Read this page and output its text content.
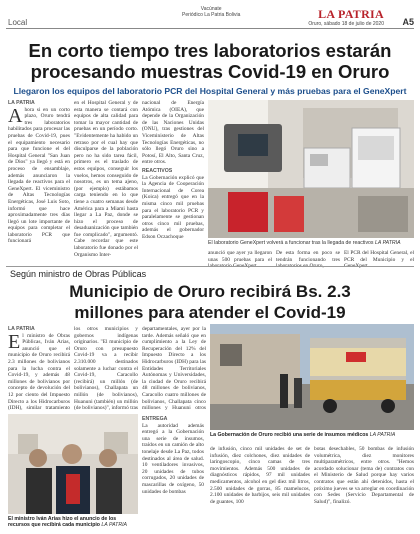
Local
Vacúnate
Periódico La Patria Bolivia	LA PATRIA
Oruro, sábado 18 de julio de 2020 A5
En corto tiempo tres laboratorios estarán
procesando muestras Covid-19 en Oruro
Llegaron los equipos del laboratorio PCR del Hospital General y más pruebas para el GeneXpert
LA PATRIA
A hora si en un corto plazo, Oruro tendrá tres laboratorios habilitados para procesar las pruebas de Covid-19, pues el equipamiento necesario para que funcione el del Hospital General "San Juan de Dios" ya llegó y está en proceso de ensamblaje, además anunciaron la llegada de reactivos para el GeneXpert. El viceministro de Altas Tecnologías Energéticas, José Luis Soto, informó que hace aproximadamente tres días llegó un lote importante de equipos para completar el laboratorio PCR que funcionará
en el Hospital General y de esta manera se contará con equipos de alta calidad para tomar la mayor cantidad de pruebas en un período corto. "Evidentemente ha habido un retraso por el cual hay que disculparse de la población pero no ha sido tarea fácil, primero es el traslado de estos equipos, conseguir los vuelos, hemos conseguido de nosotros, es un tema ajeno, (por ejemplo) estábamos carga teniendo en lo que tiene a cuatro semanas desde América para a Miami hasta llegar a La Paz, donde se hizo el proceso de desaduanización que también fue complicado", argumentó. Cabe recordar que este laboratorio fue donado por el Organismo Inter-
nacional de Energía Atómica (OIEA), que depende de la Organización de las Naciones Unidas (ONU), tras gestiones del Viceministerio de Altas Tecnologías Energéticas, no sólo llegó Oruro sino a Potosí, El Alto, Santa Cruz, entre otros.
REACTIVOS
La Gobernación explicó que la Agencia de Cooperación Internacional de Corea (Koica) entregó que en la misma cinco mil pruebas para el laboratorio PCR y paralelamente se gestionan otros cinco mil pruebas, además el gobernador Edson Oczachoque
El laboratorio GeneXpert volverá a funcionar tras la llegada de reactivos LA PATRIA
anunció que ayer ya llegaron unas 500 pruebas para el
De esta forma en poco se tendrán funcionando tres
El PCR del Hospital General, el PCR del Municipio y el
Según ministro de Obras Públicas
Municipio de Oruro recibirá Bs. 2.3
millones para atender el Covid-19
LA PATRIA
E l ministro de Obras Públicas, Iván Arias, anunció que el municipio de Oruro recibirá 2.3 millones de bolivianos para la lucha contra el Covid-19, y además 48 millones de bolivianos por concepto de devolución del 12 por ciento del Impuesto Directo a los Hidrocarburos (IDH), similar tratamiento
los otros municipios y gobernos indígenas originarios. "El municipio de Oruro con presupuesto Covid-19 va a recibir 2.310.000 destinados solamente a luchar contra el Covid-19, Caracollo (recibirá) un millón (de bolivianos), Challapata un millón (de bolivianos), Huanuni (también) un millón (de bolivianos)", informó tras
El ministro Iván Arias hizo el anuncio de los recursos que recibirá cada municipio LA PATRIA
ENTREGA
La autoridad además entregó a la Gobernación una serie de insumos, traídos en un camión de alto tonelaje desde La Paz, todos destinados al área de salud. 10 ventiladores invasivos, 20 unidades de tubos corrugados, 20 unidades de mascarillas de oxígeno, 50 unidades de bombas
departamentales, ayer por la tarde. Además señaló que en cumplimiento a la Ley de Recuperación del 12% del Impuesto Directo a los Hidrocarburos (IDH) para las Entidades Territoriales Autónomas y Universidades, la ciudad de Oruro recibirá 48 millones de bolivianos, Caracollo cuatro millones de bolivianos, Challapata cinco millones y Huanuni otros
La Gobernación de Oruro recibió una serie de insumos médicos LA PATRIA
de infusión, cinco mil unidades de set de infusión, diez colchones, diez unidades de laringoscopio, cinco camas de tres movimientos. Además 500 unidades de diagnósticos rápidos, 97 mil unidades medicamentos, alcohol en gel diez mil litros, 2.500 unidades de gorras, 85 mamelucos, 2.100 unidades de barbijos, seis mil unidades de guantes, 100
botas desechables, 50 bombas de infusión volumétrica, diez monitores multiparamétricos, entre otros. "Hemos acordado solucionar (tema de) contratos con el Ministerio de Salud porque hay varios contratos que están ahí detenidos, hasta el próximo jueves se va arreglar en coordinación con Sedes (Servicio Departamental de Salud)", finalizó.
